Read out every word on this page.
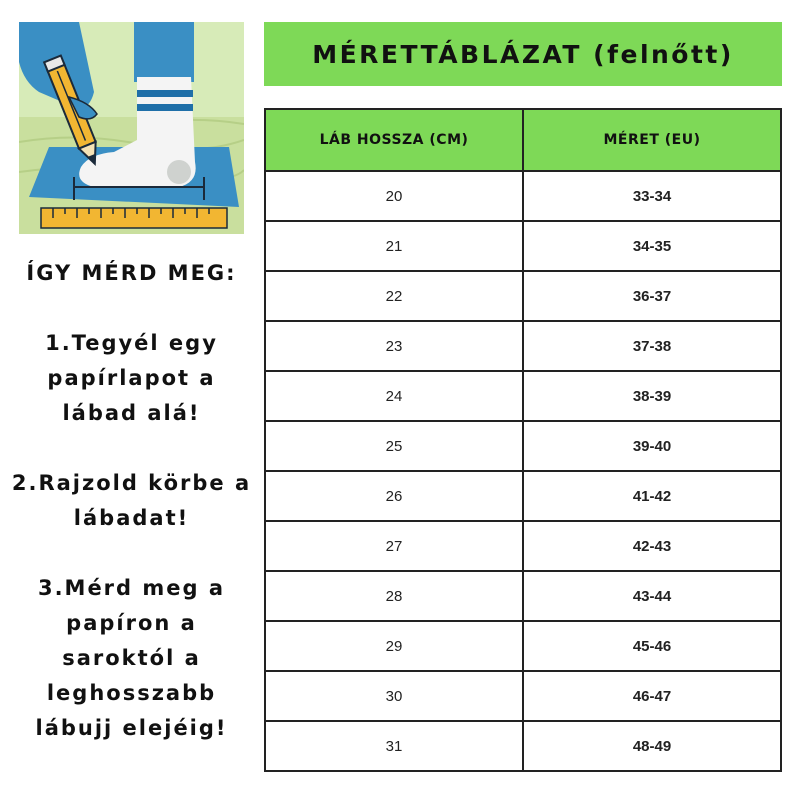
ÍGY MÉRD MEG:
1.Tegyél egy papírlapot a lábad alá!
2.Rajzold körbe a lábadat!
3.Mérd meg a papíron a saroktól a leghosszabb lábujj elejéig!
MÉRETTÁBLÁZAT (felnőtt)
LÁB HOSSZA (CM)	MÉRET (EU)
20	33-34
21	34-35
22	36-37
23	37-38
24	38-39
25	39-40
26	41-42
27	42-43
28	43-44
29	45-46
30	46-47
31	48-49
